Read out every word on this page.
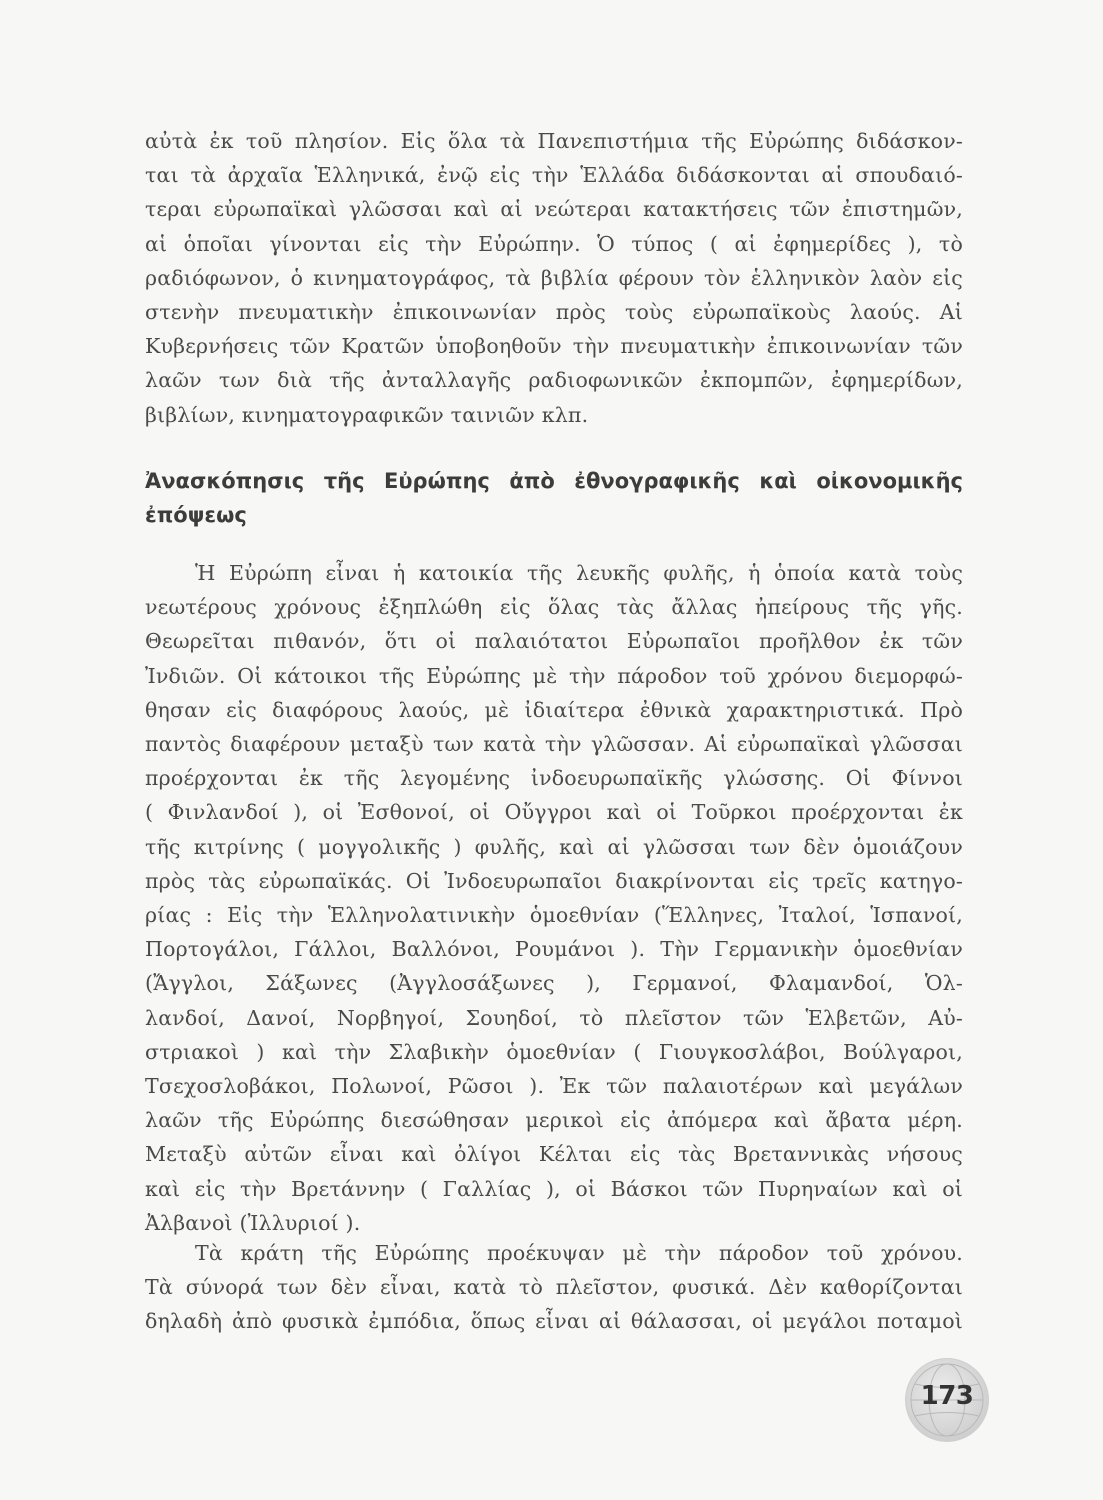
αὐτὰ ἐκ τοῦ πλησίον. Εἰς ὅλα τὰ Πανεπιστήμια τῆς Εὐρώπης διδάσκον-
ται τὰ ἀρχαῖα Ἑλληνικά, ἐνῷ εἰς τὴν Ἑλλάδα διδάσκονται αἱ σπουδαιό-
τεραι εὐρωπαϊκαὶ γλῶσσαι καὶ αἱ νεώτεραι κατακτήσεις τῶν ἐπιστημῶν,
αἱ ὁποῖαι γίνονται εἰς τὴν Εὐρώπην. Ὁ τύπος ( αἱ ἐφημερίδες ), τὸ
ραδιόφωνον, ὁ κινηματογράφος, τὰ βιβλία φέρουν τὸν ἑλληνικὸν λαὸν εἰς
στενὴν πνευματικὴν ἐπικοινωνίαν πρὸς τοὺς εὐρωπαϊκοὺς λαούς. Αἱ
Κυβερνήσεις τῶν Κρατῶν ὑποβοηθοῦν τὴν πνευματικὴν ἐπικοινωνίαν τῶν
λαῶν των διὰ τῆς ἀνταλλαγῆς ραδιοφωνικῶν ἐκπομπῶν, ἐφημερίδων,
βιβλίων, κινηματογραφικῶν ταινιῶν κλπ.
Ἀνασκόπησις τῆς Εὐρώπης ἀπὸ ἐθνογραφικῆς καὶ οἰκονομικῆς
ἐπόψεως
Ἡ Εὐρώπη εἶναι ἡ κατοικία τῆς λευκῆς φυλῆς, ἡ ὁποία κατὰ τοὺς
νεωτέρους χρόνους ἐξηπλώθη εἰς ὅλας τὰς ἄλλας ἠπείρους τῆς γῆς.
Θεωρεῖται πιθανόν, ὅτι οἱ παλαιότατοι Εὐρωπαῖοι προῆλθον ἐκ τῶν
Ἰνδιῶν. Οἱ κάτοικοι τῆς Εὐρώπης μὲ τὴν πάροδον τοῦ χρόνου διεμορφώ-
θησαν εἰς διαφόρους λαούς, μὲ ἰδιαίτερα ἐθνικὰ χαρακτηριστικά. Πρὸ
παντὸς διαφέρουν μεταξὺ των κατὰ τὴν γλῶσσαν. Αἱ εὐρωπαϊκαὶ γλῶσσαι
προέρχονται ἐκ τῆς λεγομένης ἰνδοευρωπαϊκῆς γλώσσης. Οἱ Φίννοι
( Φινλανδοί ), οἱ Ἐσθονοί, οἱ Οὔγγροι καὶ οἱ Τοῦρκοι προέρχονται ἐκ
τῆς κιτρίνης ( μογγολικῆς ) φυλῆς, καὶ αἱ γλῶσσαι των δὲν ὁμοιάζουν
πρὸς τὰς εὐρωπαϊκάς. Οἱ Ἰνδοευρωπαῖοι διακρίνονται εἰς τρεῖς κατηγο-
ρίας : Εἰς τὴν Ἑλληνολατινικὴν ὁμοεθνίαν (Ἕλληνες, Ἰταλοί, Ἱσπανοί,
Πορτογάλοι, Γάλλοι, Βαλλόνοι, Ρουμάνοι ). Τὴν Γερμανικὴν ὁμοεθνίαν
(Ἄγγλοι, Σάξωνες (Ἀγγλοσάξωνες ), Γερμανοί, Φλαμανδοί, Ὁλ-
λανδοί, Δανοί, Νορβηγοί, Σουηδοί, τὸ πλεῖστον τῶν Ἑλβετῶν, Αὐ-
στριακοὶ ) καὶ τὴν Σλαβικὴν ὁμοεθνίαν ( Γιουγκοσλάβοι, Βούλγαροι,
Τσεχοσλοβάκοι, Πολωνοί, Ρῶσοι ). Ἐκ τῶν παλαιοτέρων καὶ μεγάλων
λαῶν τῆς Εὐρώπης διεσώθησαν μερικοὶ εἰς ἀπόμερα καὶ ἄβατα μέρη.
Μεταξὺ αὐτῶν εἶναι καὶ ὀλίγοι Κέλται εἰς τὰς Βρεταννικὰς νήσους
καὶ εἰς τὴν Βρετάννην ( Γαλλίας ), οἱ Βάσκοι τῶν Πυρηναίων καὶ οἱ
Ἀλβανοὶ (Ἰλλυριοί ).
Τὰ κράτη τῆς Εὐρώπης προέκυψαν μὲ τὴν πάροδον τοῦ χρόνου.
Τὰ σύνορά των δὲν εἶναι, κατὰ τὸ πλεῖστον, φυσικά. Δὲν καθορίζονται
δηλαδὴ ἀπὸ φυσικὰ ἐμπόδια, ὅπως εἶναι αἱ θάλασσαι, οἱ μεγάλοι ποταμοὶ
173
